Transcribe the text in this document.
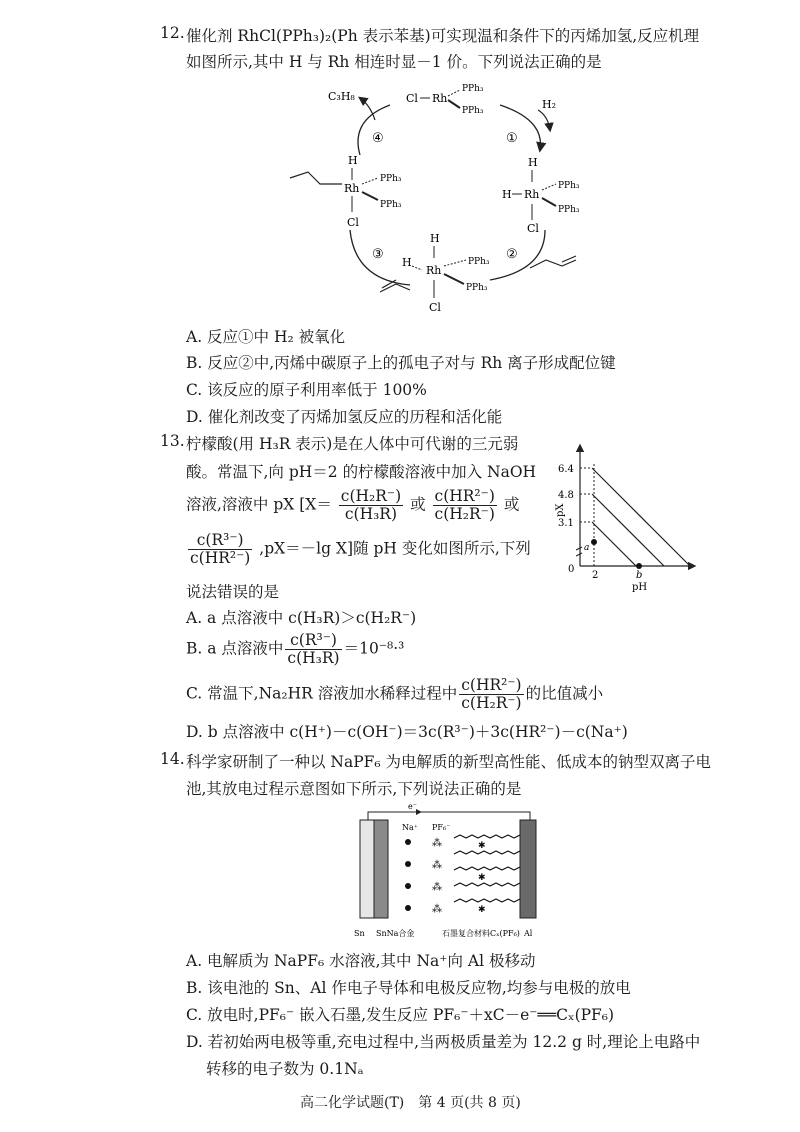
12. 催化剂 RhCl(PPh₃)₂(Ph 表示苯基)可实现温和条件下的丙烯加氢,反应机理
如图所示,其中 H 与 Rh 相连时显－1 价。下列说法正确的是
C₃H₈
H₂
④	①
②
③
Cl Rh
PPh₃
PPh₃
H
H Rh
PPh₃
PPh₃
Cl
H
Rh
PPh₃
PPh₃
Cl
H
H
Rh
PPh₃
PPh₃
Cl
A. 反应①中 H₂ 被氧化
B. 反应②中,丙烯中碳原子上的孤电子对与 Rh 离子形成配位键
C. 该反应的原子利用率低于 100%
D. 催化剂改变了丙烯加氢反应的历程和活化能
13. 柠檬酸(用 H₃R 表示)是在人体中可代谢的三元弱
酸。常温下,向 pH＝2 的柠檬酸溶液中加入 NaOH
溶液,溶液中 pX [$X= \frac{\text{c(H₂R⁻)}}{\text{c(H₃R)}}$ 或 $\frac{\text{c(HR²⁻)}}{\text{c(H₂R⁻)}}$ 或
$\frac{\text{c(R³⁻)}}{\text{c(HR²⁻)}} ,pX=-\lg$ X]随 pH 变化如图所示,下列
说法错误的是
pX
pH
6.4
4.8
3.1
0
2	b
a
A. a 点溶液中 c(H₃R)＞c(H₂R⁻)
B. a 点溶液中 $\frac{\text{c(R³⁻)}}{\text{c(H₃R)}} =10^{-8}\cdot^3$
C. 常温下,Na₂HR 溶液加水稀释过程中 $\frac{\text{c(HR²⁻)}}{\text{c(H₂R⁻)}}$ 的比值减小
D. b 点溶液中 c(H⁺)－c(OH⁻)＝3c(R³⁻)＋3c(HR²⁻)－c(Na⁺)
14. 科学家研制了一种以 NaPF₆ 为电解质的新型高性能、低成本的钠型双离子电
池,其放电过程示意图如下所示,下列说法正确的是
e⁻
Na⁺ PF₆⁻
⁂
⁂
⁂
⁂
✱
✱
✱
Sn SnNa合金	石墨复合材料Cₓ(PF₆) Al
A. 电解质为 NaPF₆ 水溶液,其中 Na⁺向 Al 极移动
B. 该电池的 Sn、Al 作电子导体和电极反应物,均参与电极的放电
C. 放电时,PF₆⁻ 嵌入石墨,发生反应 PF₆⁻＋xC－e⁻══Cₓ(PF₆)
D. 若初始两电极等重,充电过程中,当两极质量差为 12.2 g 时,理论上电路中
转移的电子数为 0.1Nₐ
高二化学试题(T)　第 4 页(共 8 页)
